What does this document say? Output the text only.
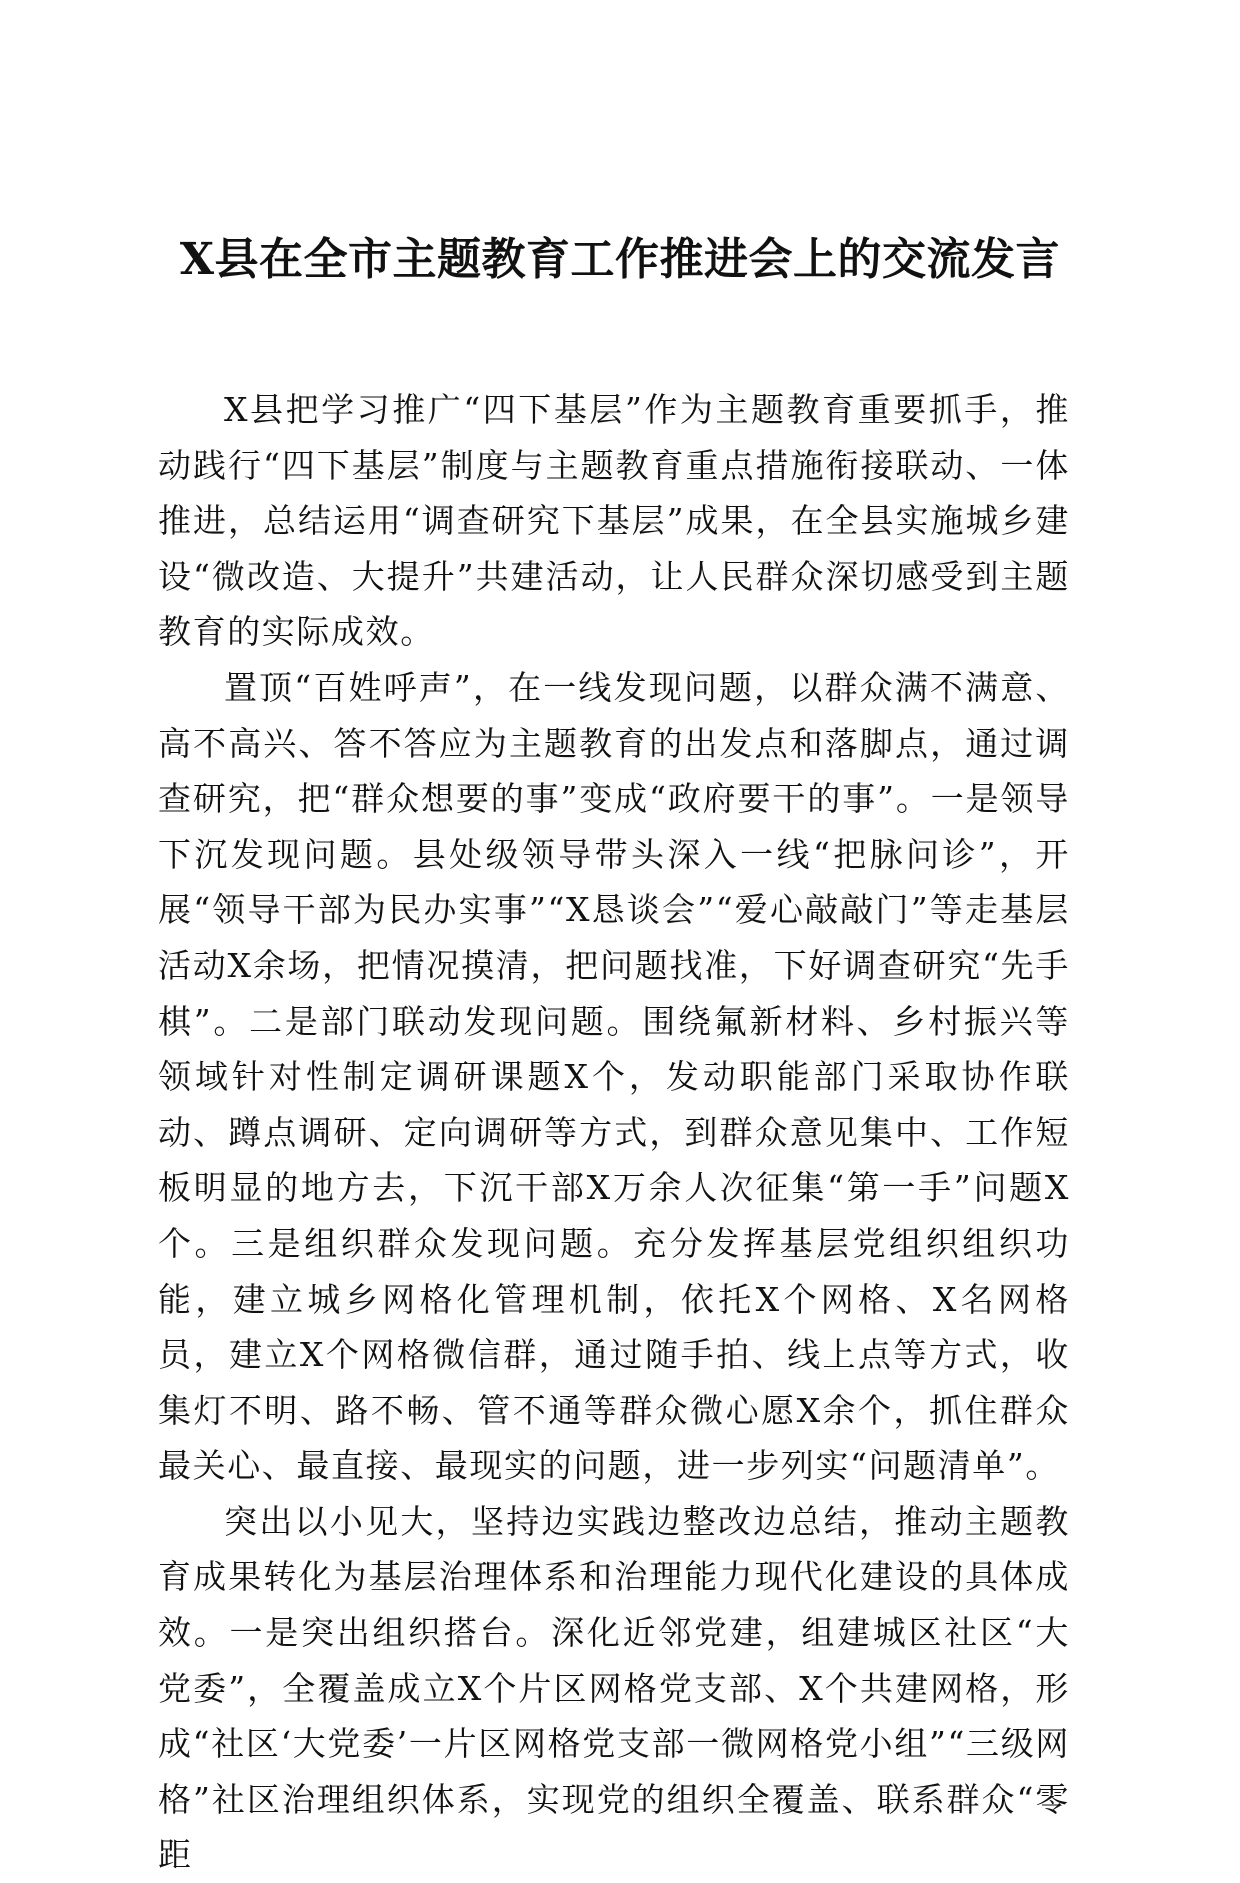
X县在全市主题教育工作推进会上的交流发言

X县把学习推广“四下基层”作为主题教育重要抓手，推动践行“四下基层”制度与主题教育重点措施衔接联动、一体推进，总结运用“调查研究下基层”成果，在全县实施城乡建设“微改造、大提升”共建活动，让人民群众深切感受到主题教育的实际成效。

置顶“百姓呼声”，在一线发现问题，以群众满不满意、高不高兴、答不答应为主题教育的出发点和落脚点，通过调查研究，把“群众想要的事”变成“政府要干的事”。一是领导下沉发现问题。县处级领导带头深入一线“把脉问诊”，开展“领导干部为民办实事”“X恳谈会”“爱心敲敲门”等走基层活动X余场，把情况摸清，把问题找准，下好调查研究“先手棋”。二是部门联动发现问题。围绕氟新材料、乡村振兴等领域针对性制定调研课题X个，发动职能部门采取协作联动、蹲点调研、定向调研等方式，到群众意见集中、工作短板明显的地方去，下沉干部X万余人次征集“第一手”问题X个。三是组织群众发现问题。充分发挥基层党组织组织功能，建立城乡网格化管理机制，依托X个网格、X名网格员，建立X个网格微信群，通过随手拍、线上点等方式，收集灯不明、路不畅、管不通等群众微心愿X余个，抓住群众最关心、最直接、最现实的问题，进一步列实“问题清单”。

突出以小见大，坚持边实践边整改边总结，推动主题教育成果转化为基层治理体系和治理能力现代化建设的具体成效。一是突出组织搭台。深化近邻党建，组建城区社区“大党委”，全覆盖成立X个片区网格党支部、X个共建网格，形成“社区‘大党委’一片区网格党支部一微网格党小组”“三级网格”社区治理组织体系，实现党的组织全覆盖、联系群众“零距
